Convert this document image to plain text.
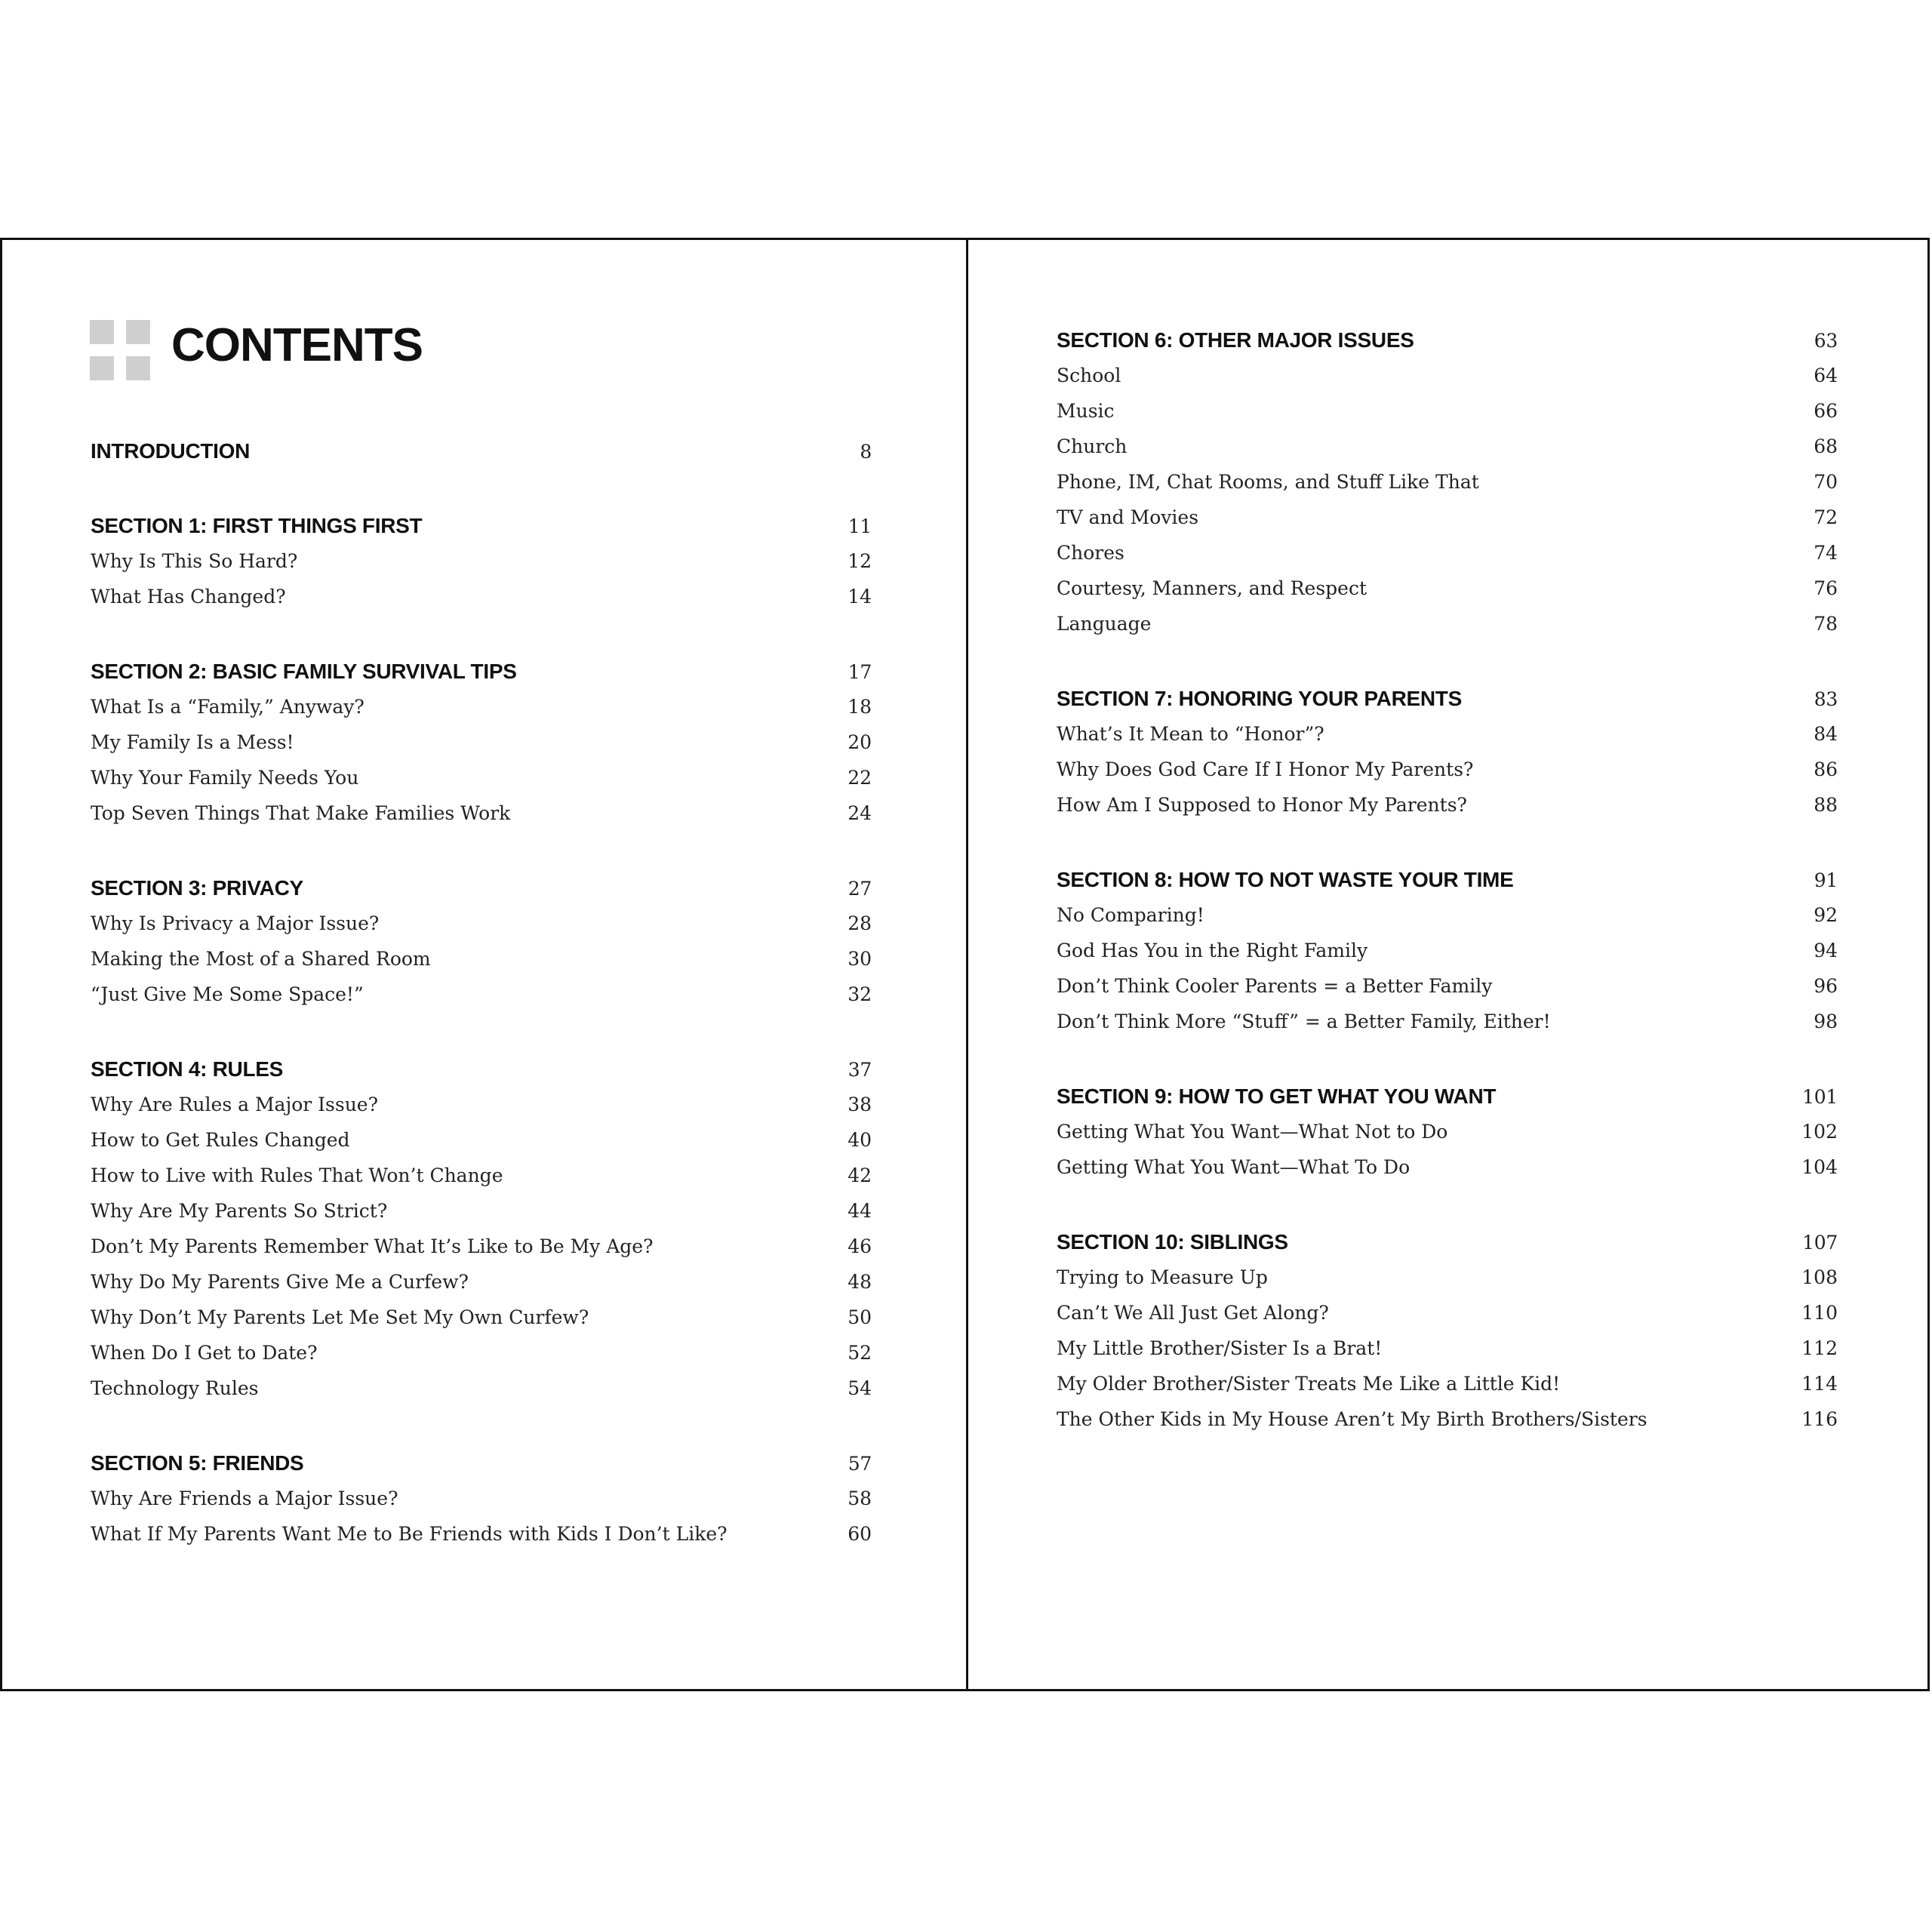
CONTENTS
INTRODUCTION	8
SECTION 1: FIRST THINGS FIRST	11
Why Is This So Hard?	12
What Has Changed?	14
SECTION 2: BASIC FAMILY SURVIVAL TIPS	17
What Is a “Family,” Anyway?	18
My Family Is a Mess!	20
Why Your Family Needs You	22
Top Seven Things That Make Families Work	24
SECTION 3: PRIVACY	27
Why Is Privacy a Major Issue?	28
Making the Most of a Shared Room	30
“Just Give Me Some Space!”	32
SECTION 4: RULES	37
Why Are Rules a Major Issue?	38
How to Get Rules Changed	40
How to Live with Rules That Won’t Change	42
Why Are My Parents So Strict?	44
Don’t My Parents Remember What It’s Like to Be My Age?	46
Why Do My Parents Give Me a Curfew?	48
Why Don’t My Parents Let Me Set My Own Curfew?	50
When Do I Get to Date?	52
Technology Rules	54
SECTION 5: FRIENDS	57
Why Are Friends a Major Issue?	58
What If My Parents Want Me to Be Friends with Kids I Don’t Like?	60
SECTION 6: OTHER MAJOR ISSUES	63
School	64
Music	66
Church	68
Phone, IM, Chat Rooms, and Stuff Like That	70
TV and Movies	72
Chores	74
Courtesy, Manners, and Respect	76
Language	78
SECTION 7: HONORING YOUR PARENTS	83
What’s It Mean to “Honor”?	84
Why Does God Care If I Honor My Parents?	86
How Am I Supposed to Honor My Parents?	88
SECTION 8: HOW TO NOT WASTE YOUR TIME	91
No Comparing!	92
God Has You in the Right Family	94
Don’t Think Cooler Parents = a Better Family	96
Don’t Think More “Stuff” = a Better Family, Either!	98
SECTION 9: HOW TO GET WHAT YOU WANT	101
Getting What You Want—What Not to Do	102
Getting What You Want—What To Do	104
SECTION 10: SIBLINGS	107
Trying to Measure Up	108
Can’t We All Just Get Along?	110
My Little Brother/Sister Is a Brat!	112
My Older Brother/Sister Treats Me Like a Little Kid!	114
The Other Kids in My House Aren’t My Birth Brothers/Sisters	116
